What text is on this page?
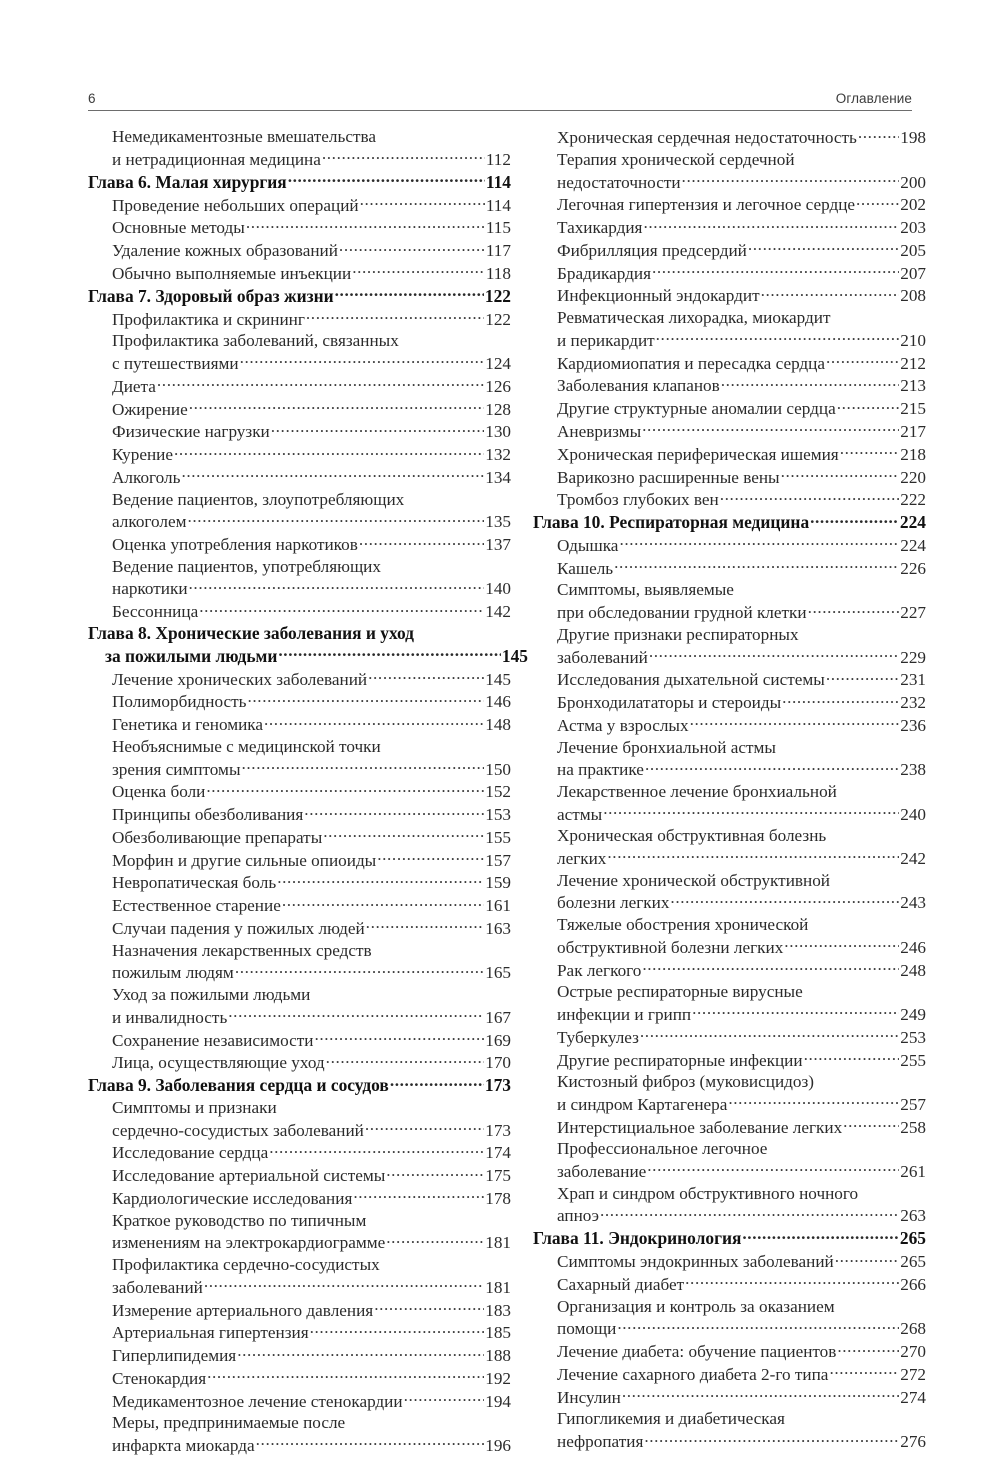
6	Оглавление
Немедикаментозные вмешательства
и нетрадиционная медицина .....	112
Глава 6. Малая хирургия .....	114
Проведение небольших операций .....	114
Основные методы .....	115
Удаление кожных образований .....	117
Обычно выполняемые инъекции .....	118
Глава 7. Здоровый образ жизни .....	122
Профилактика и скрининг .....	122
Профилактика заболеваний, связанных
с путешествиями .....	124
Диета .....	126
Ожирение .....	128
Физические нагрузки .....	130
Курение .....	132
Алкоголь .....	134
Ведение пациентов, злоупотребляющих
алкоголем .....	135
Оценка употребления наркотиков .....	137
Ведение пациентов, употребляющих
наркотики .....	140
Бессонница .....	142
Глава 8. Хронические заболевания и уход
за пожилыми людьми .....	145
Лечение хронических заболеваний .....	145
Полиморбидность .....	146
Генетика и геномика .....	148
Необъяснимые с медицинской точки
зрения симптомы .....	150
Оценка боли .....	152
Принципы обезболивания .....	153
Обезболивающие препараты .....	155
Морфин и другие сильные опиоиды .....	157
Невропатическая боль .....	159
Естественное старение .....	161
Случаи падения у пожилых людей .....	163
Назначения лекарственных средств
пожилым людям .....	165
Уход за пожилыми людьми
и инвалидность .....	167
Сохранение независимости .....	169
Лица, осуществляющие уход .....	170
Глава 9. Заболевания сердца и сосудов .....	173
Симптомы и признаки
сердечно-сосудистых заболеваний .....	173
Исследование сердца .....	174
Исследование артериальной системы .....	175
Кардиологические исследования .....	178
Краткое руководство по типичным
изменениям на электрокардиограмме .....	181
Профилактика сердечно-сосудистых
заболеваний .....	181
Измерение артериального давления .....	183
Артериальная гипертензия .....	185
Гиперлипидемия .....	188
Стенокардия .....	192
Медикаментозное лечение стенокардии .....	194
Меры, предпринимаемые после
инфаркта миокарда .....	196
Хроническая сердечная недостаточность .....	198
Терапия хронической сердечной
недостаточности .....	200
Легочная гипертензия и легочное сердце .....	202
Тахикардия .....	203
Фибрилляция предсердий .....	205
Брадикардия .....	207
Инфекционный эндокардит .....	208
Ревматическая лихорадка, миокардит
и перикардит .....	210
Кардиомиопатия и пересадка сердца .....	212
Заболевания клапанов .....	213
Другие структурные аномалии сердца .....	215
Аневризмы .....	217
Хроническая периферическая ишемия .....	218
Варикозно расширенные вены .....	220
Тромбоз глубоких вен .....	222
Глава 10. Респираторная медицина .....	224
Одышка .....	224
Кашель .....	226
Симптомы, выявляемые
при обследовании грудной клетки .....	227
Другие признаки респираторных
заболеваний .....	229
Исследования дыхательной системы .....	231
Бронходилататоры и стероиды .....	232
Астма у взрослых .....	236
Лечение бронхиальной астмы
на практике .....	238
Лекарственное лечение бронхиальной
астмы .....	240
Хроническая обструктивная болезнь
легких .....	242
Лечение хронической обструктивной
болезни легких .....	243
Тяжелые обострения хронической
обструктивной болезни легких .....	246
Рак легкого .....	248
Острые респираторные вирусные
инфекции и грипп .....	249
Туберкулез .....	253
Другие респираторные инфекции .....	255
Кистозный фиброз (муковисцидоз)
и синдром Картагенера .....	257
Интерстициальное заболевание легких .....	258
Профессиональное легочное
заболевание .....	261
Храп и синдром обструктивного ночного
апноэ .....	263
Глава 11. Эндокринология .....	265
Симптомы эндокринных заболеваний .....	265
Сахарный диабет .....	266
Организация и контроль за оказанием
помощи .....	268
Лечение диабета: обучение пациентов .....	270
Лечение сахарного диабета 2-го типа .....	272
Инсулин .....	274
Гипогликемия и диабетическая
нефропатия .....	276
